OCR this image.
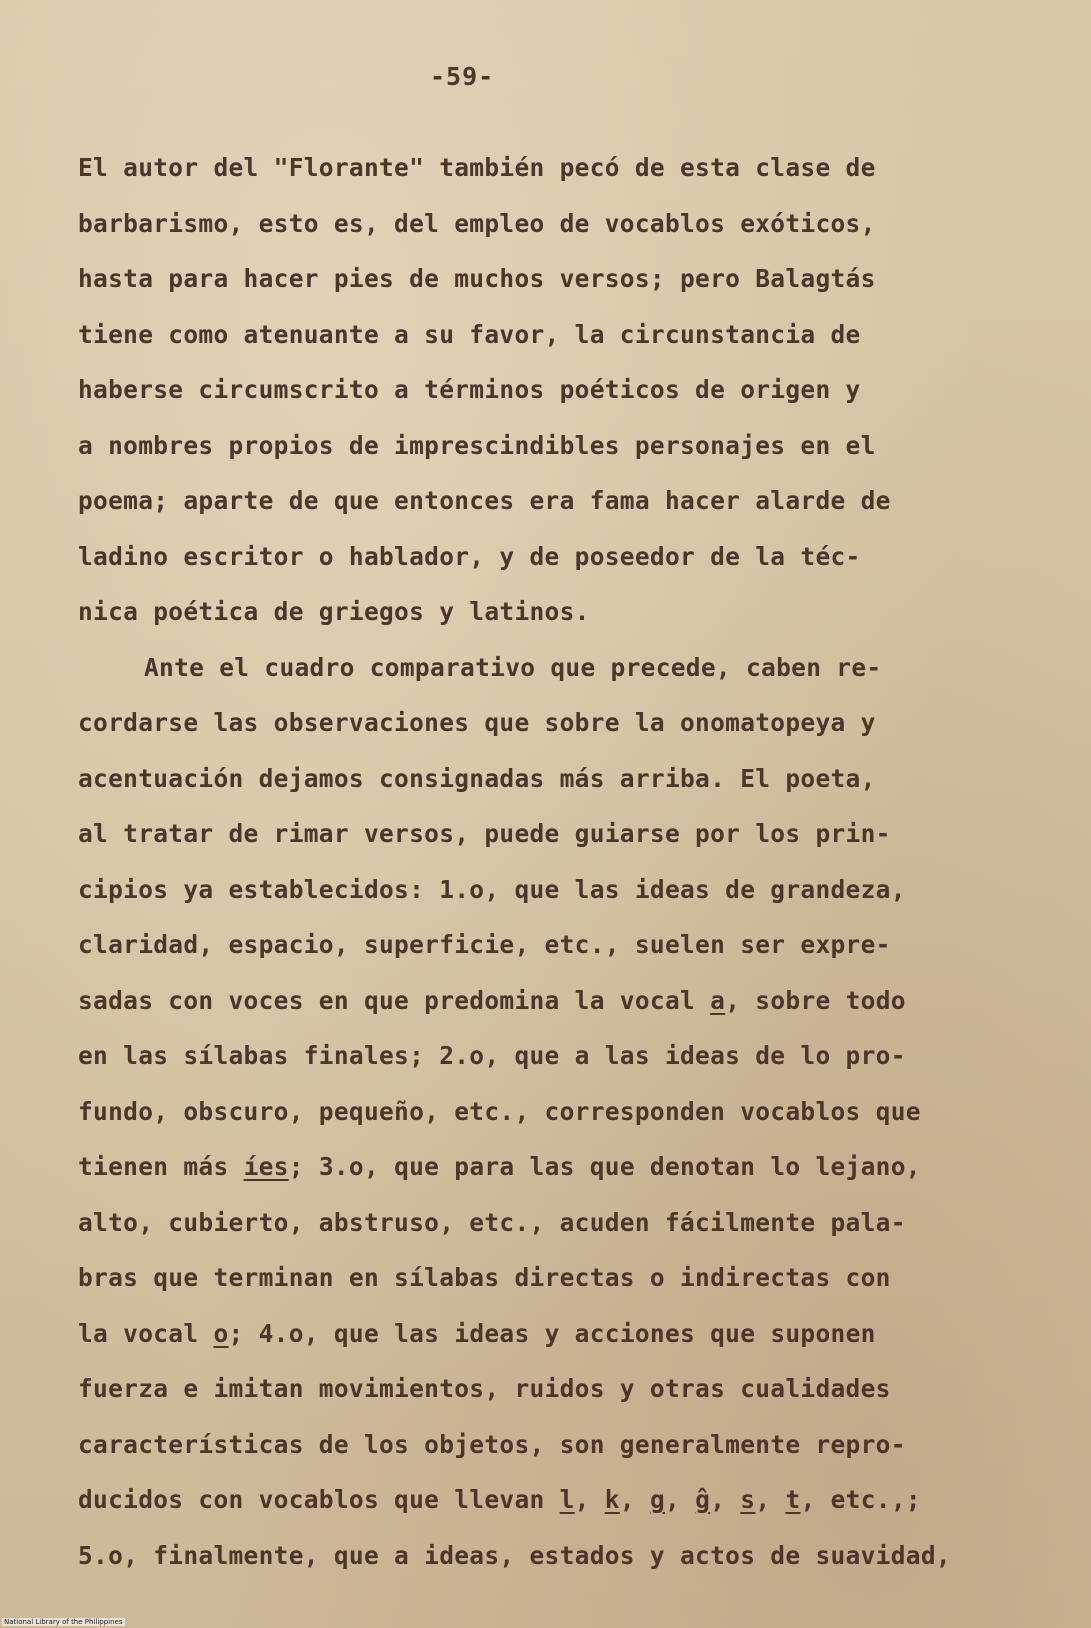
-59-
El autor del "Florante" también pecó de esta clase de
barbarismo, esto es, del empleo de vocablos exóticos,
hasta para hacer pies de muchos versos; pero Balagtás
tiene como atenuante a su favor, la circunstancia de
haberse circumscrito a términos poéticos de origen y
a nombres propios de imprescindibles personajes en el
poema; aparte de que entonces era fama hacer alarde de
ladino escritor o hablador, y de poseedor de la téc-
nica poética de griegos y latinos.
Ante el cuadro comparativo que precede, caben re-
cordarse las observaciones que sobre la onomatopeya y
acentuación dejamos consignadas más arriba. El poeta,
al tratar de rimar versos, puede guiarse por los prin-
cipios ya establecidos: 1.o, que las ideas de grandeza,
claridad, espacio, superficie, etc., suelen ser expre-
sadas con voces en que predomina la vocal a, sobre todo
en las sílabas finales; 2.o, que a las ideas de lo pro-
fundo, obscuro, pequeño, etc., corresponden vocablos que
tienen más íes; 3.o, que para las que denotan lo lejano,
alto, cubierto, abstruso, etc., acuden fácilmente pala-
bras que terminan en sílabas directas o indirectas con
la vocal o; 4.o, que las ideas y acciones que suponen
fuerza e imitan movimientos, ruidos y otras cualidades
características de los objetos, son generalmente repro-
ducidos con vocablos que llevan l, k, g, ĝ, s, t, etc.,;
5.o, finalmente, que a ideas, estados y actos de suavidad,
National Library of the Philippines
